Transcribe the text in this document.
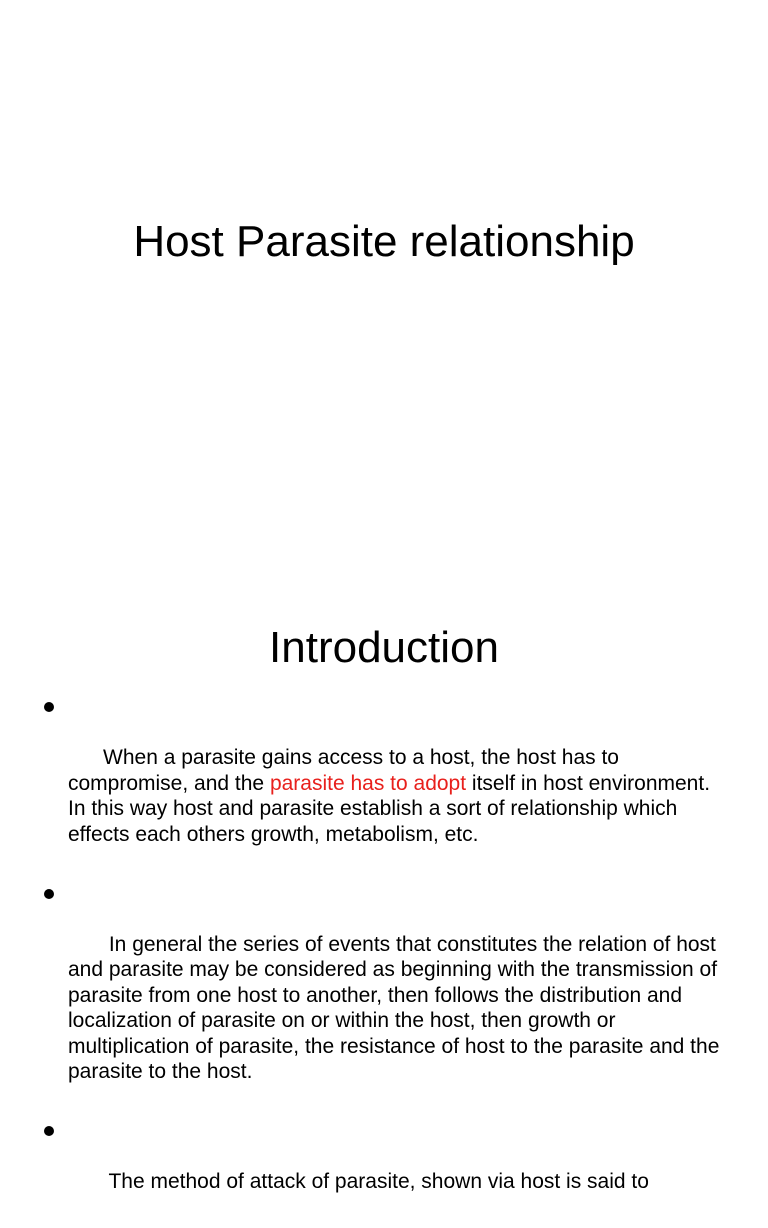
Host Parasite relationship
Introduction

When a parasite gains access to a host, the host has to compromise, and the parasite has to adopt itself in host environment. In this way host and parasite establish a sort of relationship which effects each others growth, metabolism, etc.

In general the series of events that constitutes the relation of host and parasite may be considered as beginning with the transmission of parasite from one host to another, then follows the distribution and localization of parasite on or within the host, then growth or multiplication of parasite, the resistance of host to the parasite and the parasite to the host.

The method of attack of parasite, shown via host is said to
